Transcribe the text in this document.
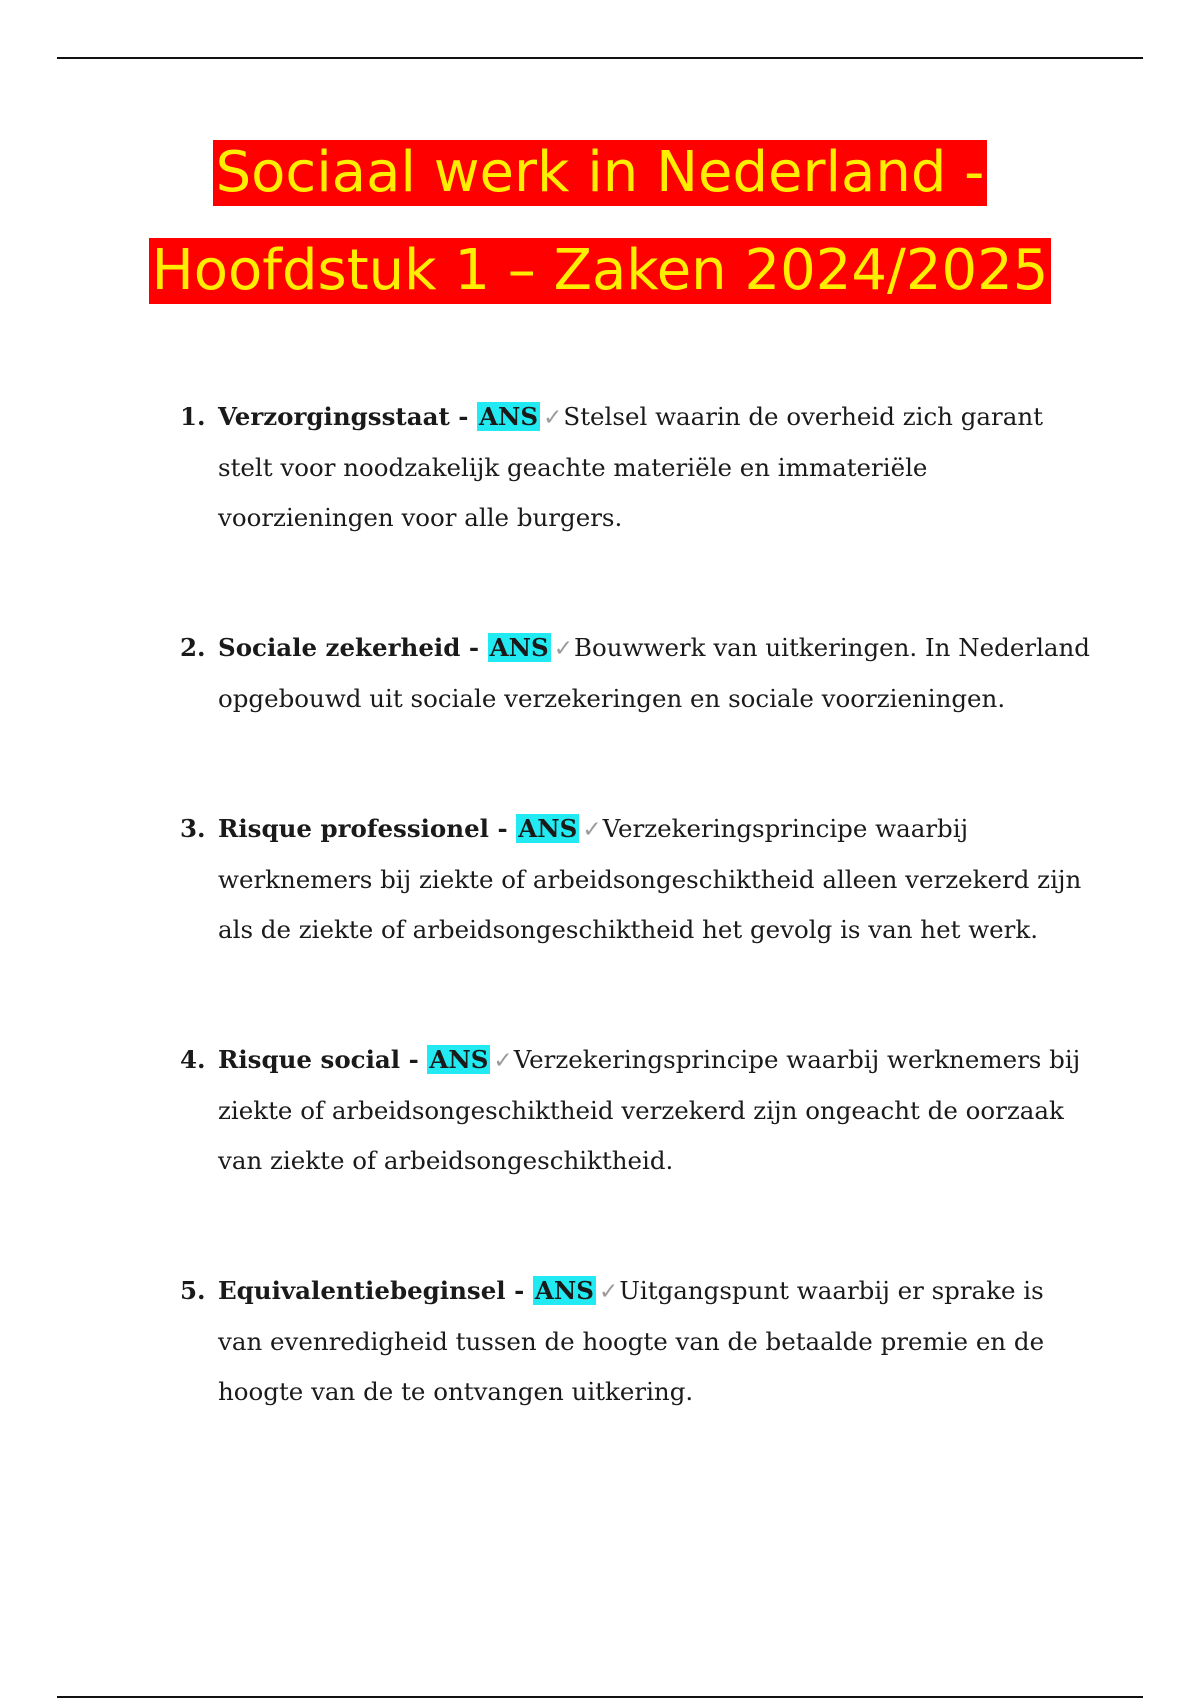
Sociaal werk in Nederland -
Hoofdstuk 1 – Zaken 2024/2025
1. Verzorgingsstaat - ANS ✓Stelsel waarin de overheid zich garant stelt voor noodzakelijk geachte materiële en immateriële voorzieningen voor alle burgers.
2. Sociale zekerheid - ANS ✓Bouwwerk van uitkeringen. In Nederland opgebouwd uit sociale verzekeringen en sociale voorzieningen.
3. Risque professionel - ANS ✓Verzekeringsprincipe waarbij werknemers bij ziekte of arbeidsongeschiktheid alleen verzekerd zijn als de ziekte of arbeidsongeschiktheid het gevolg is van het werk.
4. Risque social - ANS ✓Verzekeringsprincipe waarbij werknemers bij ziekte of arbeidsongeschiktheid verzekerd zijn ongeacht de oorzaak van ziekte of arbeidsongeschiktheid.
5. Equivalentiebeginsel - ANS ✓Uitgangspunt waarbij er sprake is van evenredigheid tussen de hoogte van de betaalde premie en de hoogte van de te ontvangen uitkering.
